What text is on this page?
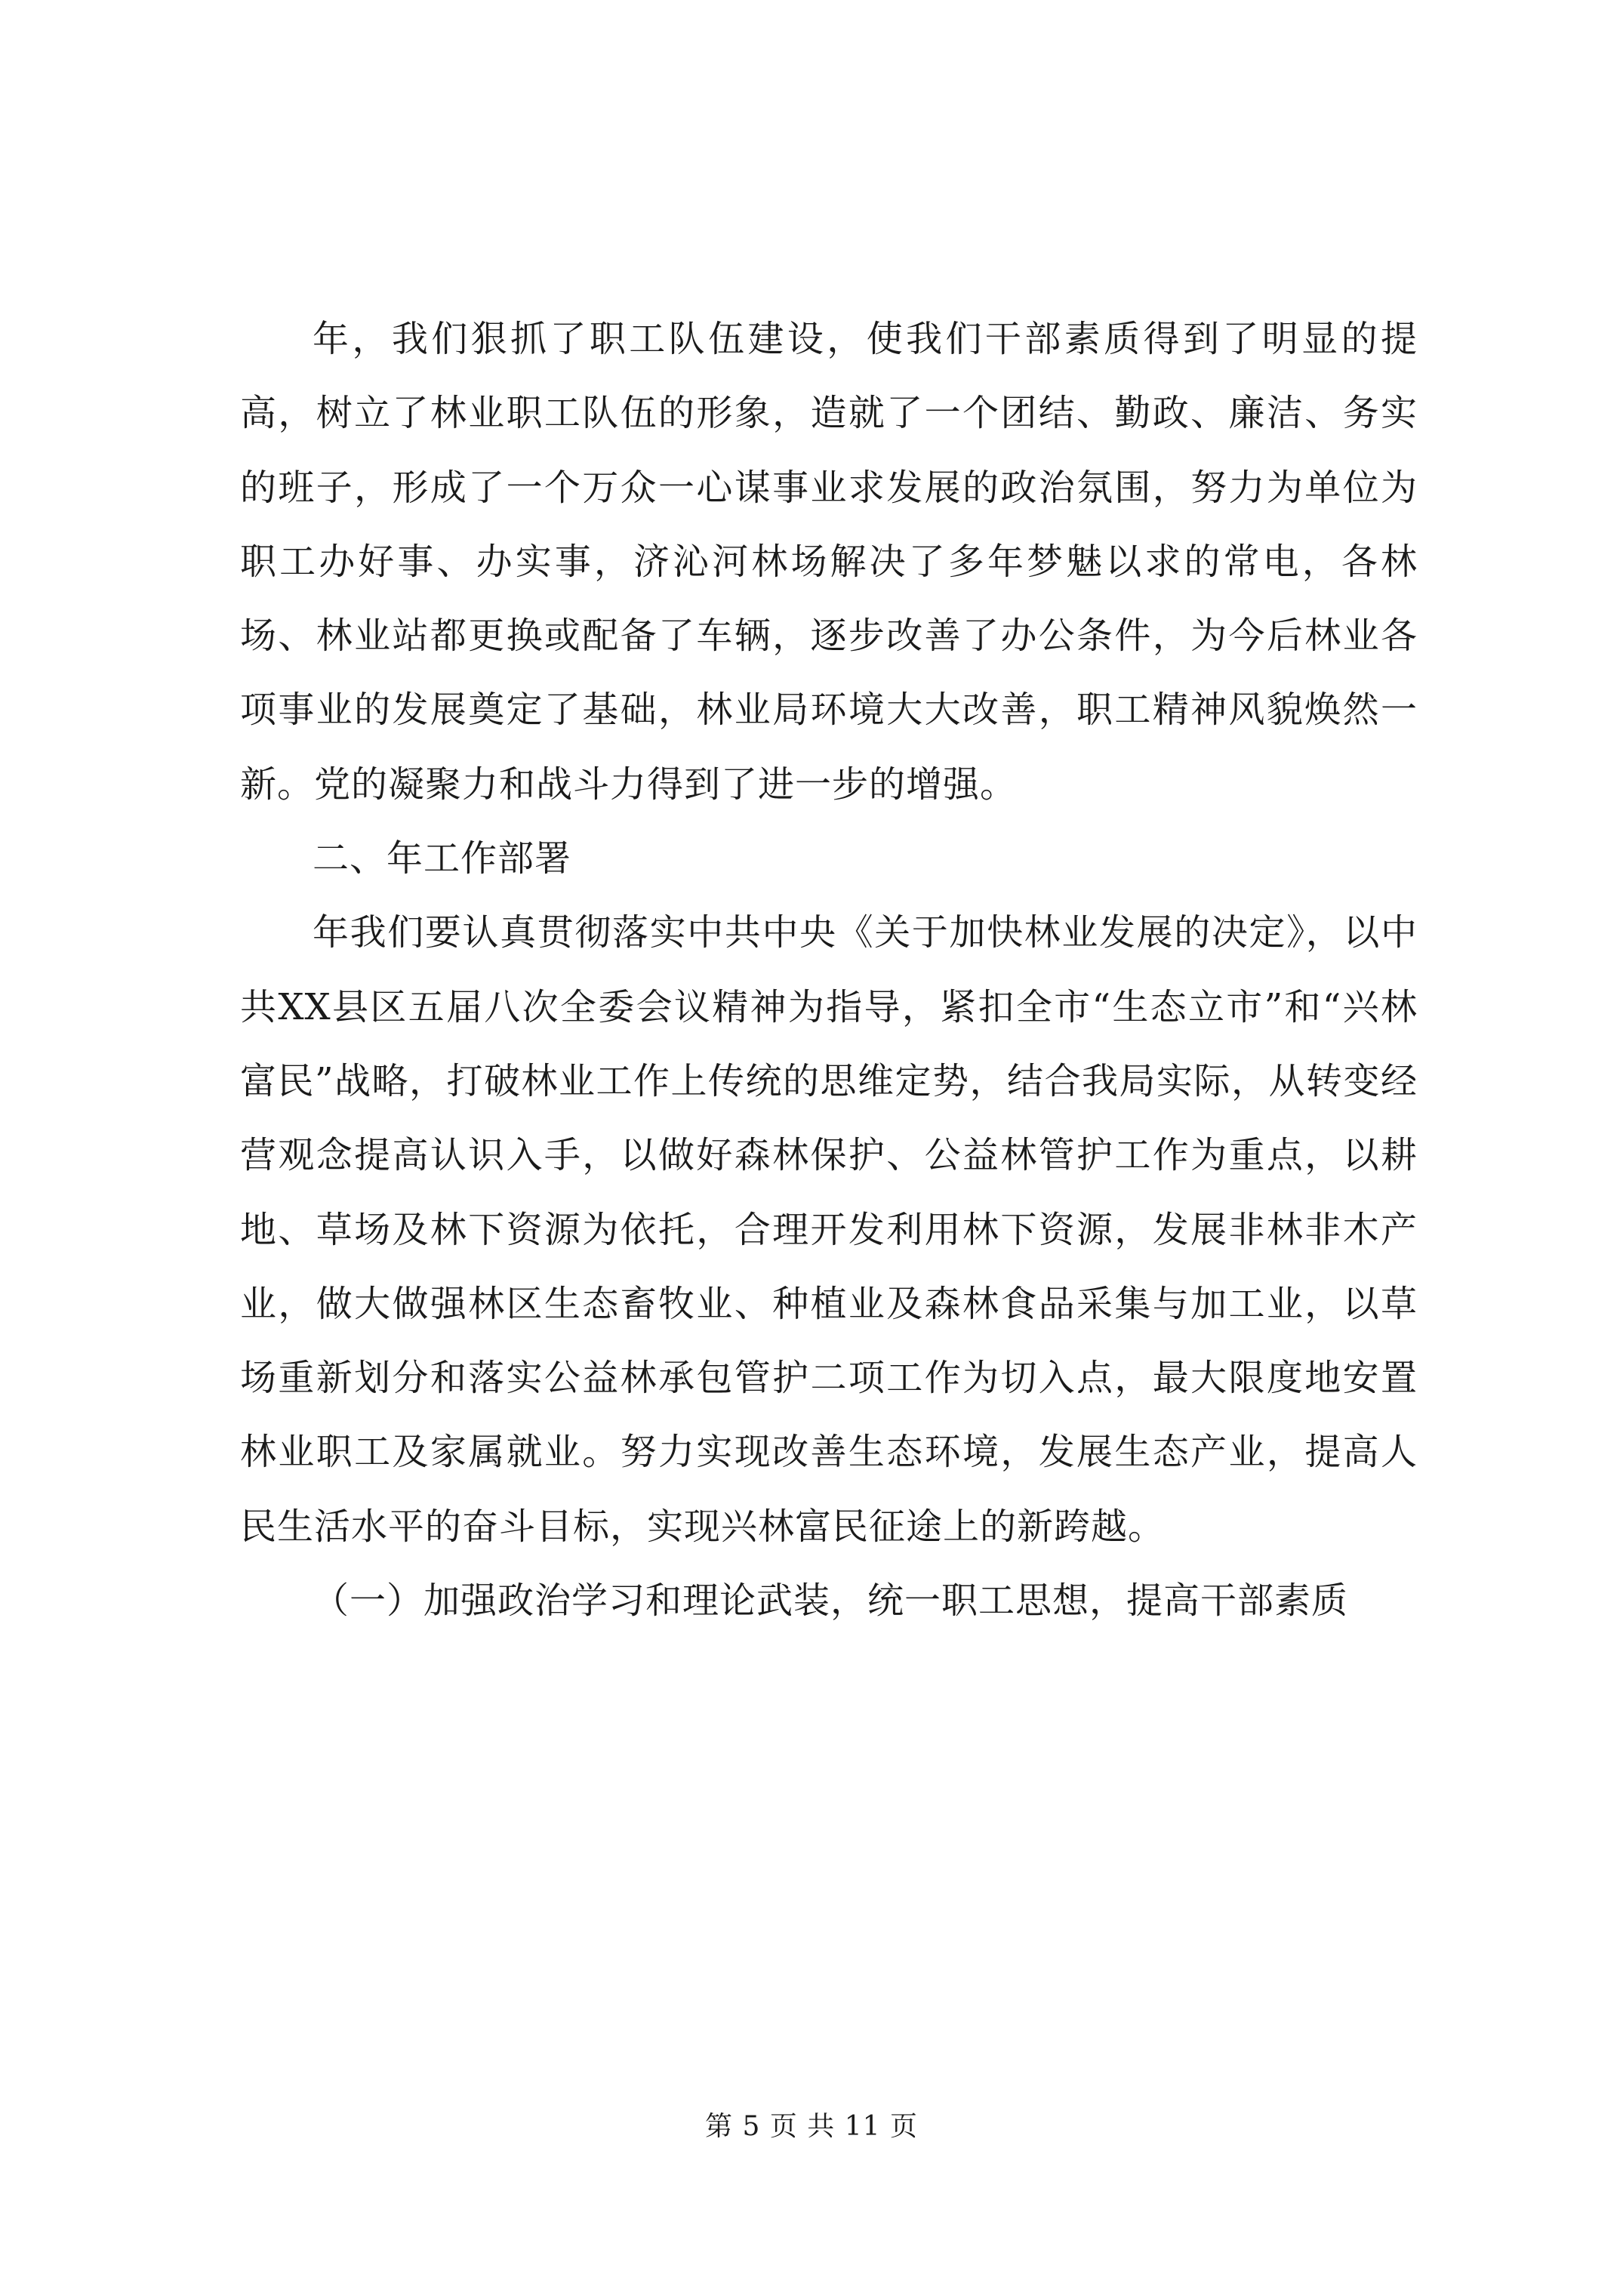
年，我们狠抓了职工队伍建设，使我们干部素质得到了明显的提高，树立了林业职工队伍的形象，造就了一个团结、勤政、廉洁、务实的班子，形成了一个万众一心谋事业求发展的政治氛围，努力为单位为职工办好事、办实事，济沁河林场解决了多年梦魅以求的常电，各林场、林业站都更换或配备了车辆，逐步改善了办公条件，为今后林业各项事业的发展奠定了基础，林业局环境大大改善，职工精神风貌焕然一新。党的凝聚力和战斗力得到了进一步的增强。

二、年工作部署

年我们要认真贯彻落实中共中央《关于加快林业发展的决定》，以中共XX县区五届八次全委会议精神为指导，紧扣全市“生态立市”和“兴林富民”战略，打破林业工作上传统的思维定势，结合我局实际，从转变经营观念提高认识入手，以做好森林保护、公益林管护工作为重点，以耕地、草场及林下资源为依托，合理开发利用林下资源，发展非林非木产业，做大做强林区生态畜牧业、种植业及森林食品采集与加工业，以草场重新划分和落实公益林承包管护二项工作为切入点，最大限度地安置林业职工及家属就业。努力实现改善生态环境，发展生态产业，提高人民生活水平的奋斗目标，实现兴林富民征途上的新跨越。

（一）加强政治学习和理论武装，统一职工思想，提高干部素质

第 5 页 共 11 页
